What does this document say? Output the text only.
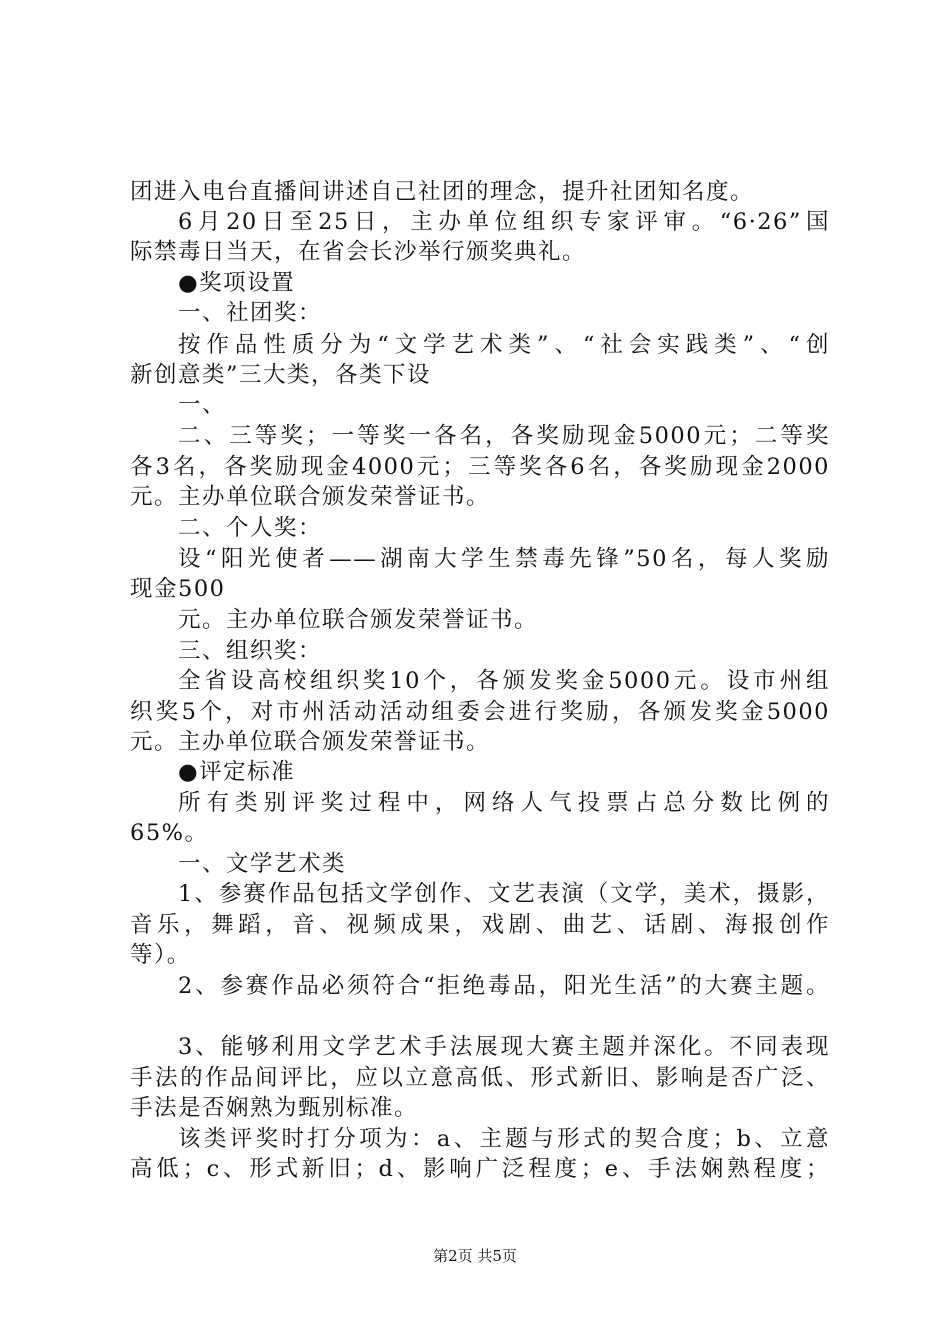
团进入电台直播间讲述自己社团的理念，提升社团知名度。
6月20日至25日，主办单位组织专家评审。“6·26”国
际禁毒日当天，在省会长沙举行颁奖典礼。
●奖项设置
一、社团奖：
按作品性质分为“文学艺术类”、“社会实践类”、“创
新创意类”三大类，各类下设
一、
二、三等奖；一等奖一各名，各奖励现金5000元；二等奖
各3名，各奖励现金4000元；三等奖各6名，各奖励现金2000
元。主办单位联合颁发荣誉证书。
二、个人奖：
设“阳光使者——湖南大学生禁毒先锋”50名，每人奖励
现金500
元。主办单位联合颁发荣誉证书。
三、组织奖：
全省设高校组织奖10个，各颁发奖金5000元。设市州组
织奖5个，对市州活动活动组委会进行奖励，各颁发奖金5000
元。主办单位联合颁发荣誉证书。
●评定标准
所有类别评奖过程中，网络人气投票占总分数比例的
65%。
一、文学艺术类
1、参赛作品包括文学创作、文艺表演（文学，美术，摄影，
音乐，舞蹈，音、视频成果，戏剧、曲艺、话剧、海报创作
等）。
2、参赛作品必须符合“拒绝毒品，阳光生活”的大赛主题。
3、能够利用文学艺术手法展现大赛主题并深化。不同表现
手法的作品间评比，应以立意高低、形式新旧、影响是否广泛、
手法是否娴熟为甄别标准。
该类评奖时打分项为：a、主题与形式的契合度；b、立意
高低；c、形式新旧；d、影响广泛程度；e、手法娴熟程度；
第2页 共5页
